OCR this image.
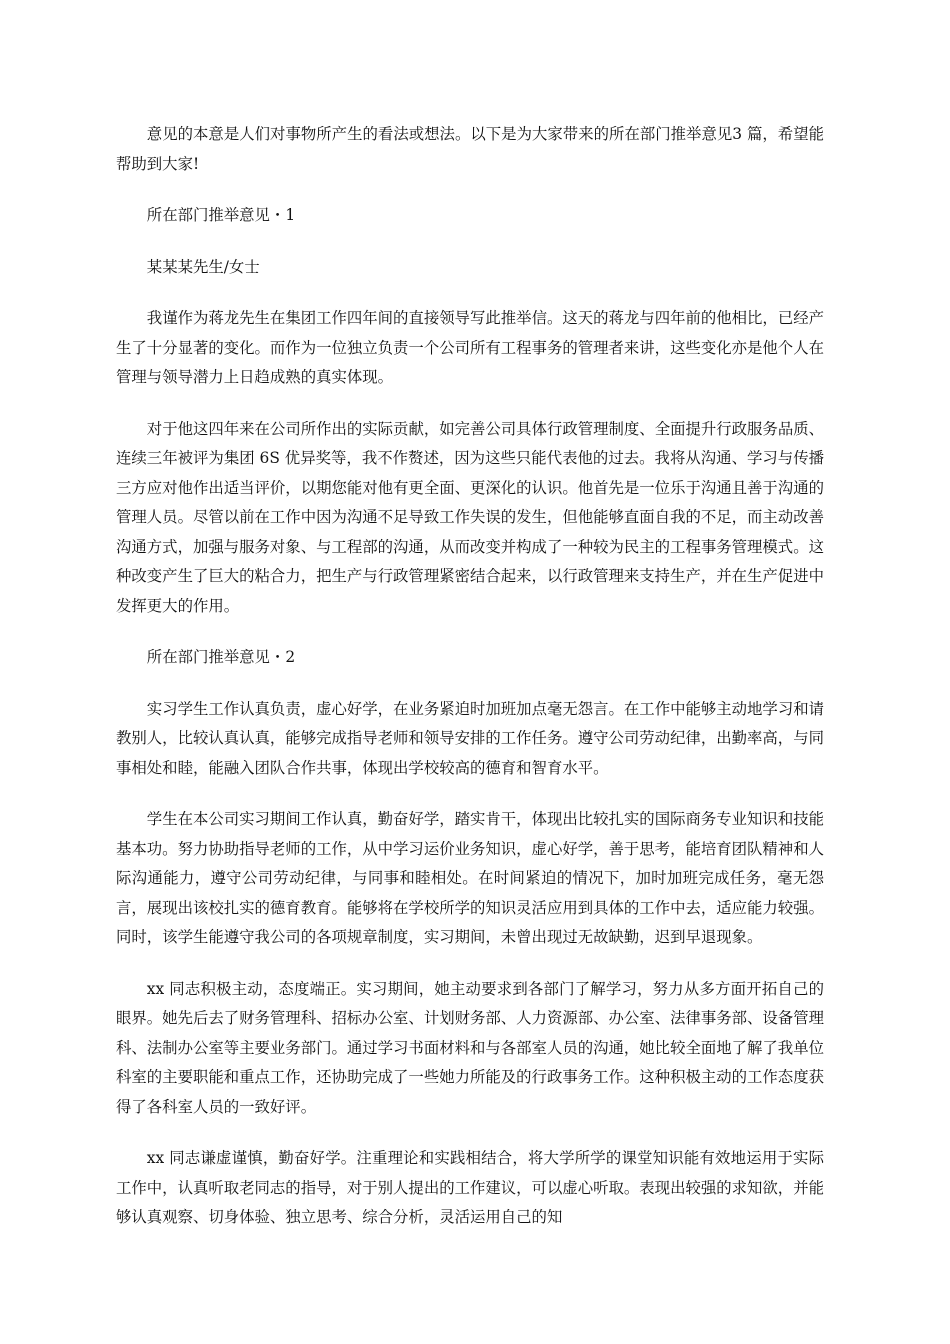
意见的本意是人们对事物所产生的看法或想法。以下是为大家带来的所在部门推举意见3 篇，希望能帮助到大家!

所在部门推举意见・1

某某某先生/女士

我谨作为蒋龙先生在集团工作四年间的直接领导写此推举信。这天的蒋龙与四年前的他相比，已经产生了十分显著的变化。而作为一位独立负责一个公司所有工程事务的管理者来讲，这些变化亦是他个人在管理与领导潜力上日趋成熟的真实体现。

对于他这四年来在公司所作出的实际贡献，如完善公司具体行政管理制度、全面提升行政服务品质、连续三年被评为集团 6S 优异奖等，我不作赘述，因为这些只能代表他的过去。我将从沟通、学习与传播三方应对他作出适当评价，以期您能对他有更全面、更深化的认识。他首先是一位乐于沟通且善于沟通的管理人员。尽管以前在工作中因为沟通不足导致工作失误的发生，但他能够直面自我的不足，而主动改善沟通方式，加强与服务对象、与工程部的沟通，从而改变并构成了一种较为民主的工程事务管理模式。这种改变产生了巨大的粘合力，把生产与行政管理紧密结合起来，以行政管理来支持生产，并在生产促进中发挥更大的作用。

所在部门推举意见・2

实习学生工作认真负责，虚心好学，在业务紧迫时加班加点毫无怨言。在工作中能够主动地学习和请教别人，比较认真认真，能够完成指导老师和领导安排的工作任务。遵守公司劳动纪律，出勤率高，与同事相处和睦，能融入团队合作共事，体现出学校较高的德育和智育水平。

学生在本公司实习期间工作认真，勤奋好学，踏实肯干，体现出比较扎实的国际商务专业知识和技能基本功。努力协助指导老师的工作，从中学习运价业务知识，虚心好学，善于思考，能培育团队精神和人际沟通能力，遵守公司劳动纪律，与同事和睦相处。在时间紧迫的情况下，加时加班完成任务，毫无怨言，展现出该校扎实的德育教育。能够将在学校所学的知识灵活应用到具体的工作中去，适应能力较强。同时，该学生能遵守我公司的各项规章制度，实习期间，未曾出现过无故缺勤，迟到早退现象。

xx 同志积极主动，态度端正。实习期间，她主动要求到各部门了解学习，努力从多方面开拓自己的眼界。她先后去了财务管理科、招标办公室、计划财务部、人力资源部、办公室、法律事务部、设备管理科、法制办公室等主要业务部门。通过学习书面材料和与各部室人员的沟通，她比较全面地了解了我单位科室的主要职能和重点工作，还协助完成了一些她力所能及的行政事务工作。这种积极主动的工作态度获得了各科室人员的一致好评。

xx 同志谦虚谨慎，勤奋好学。注重理论和实践相结合，将大学所学的课堂知识能有效地运用于实际工作中，认真听取老同志的指导，对于别人提出的工作建议，可以虚心听取。表现出较强的求知欲，并能够认真观察、切身体验、独立思考、综合分析，灵活运用自己的知
